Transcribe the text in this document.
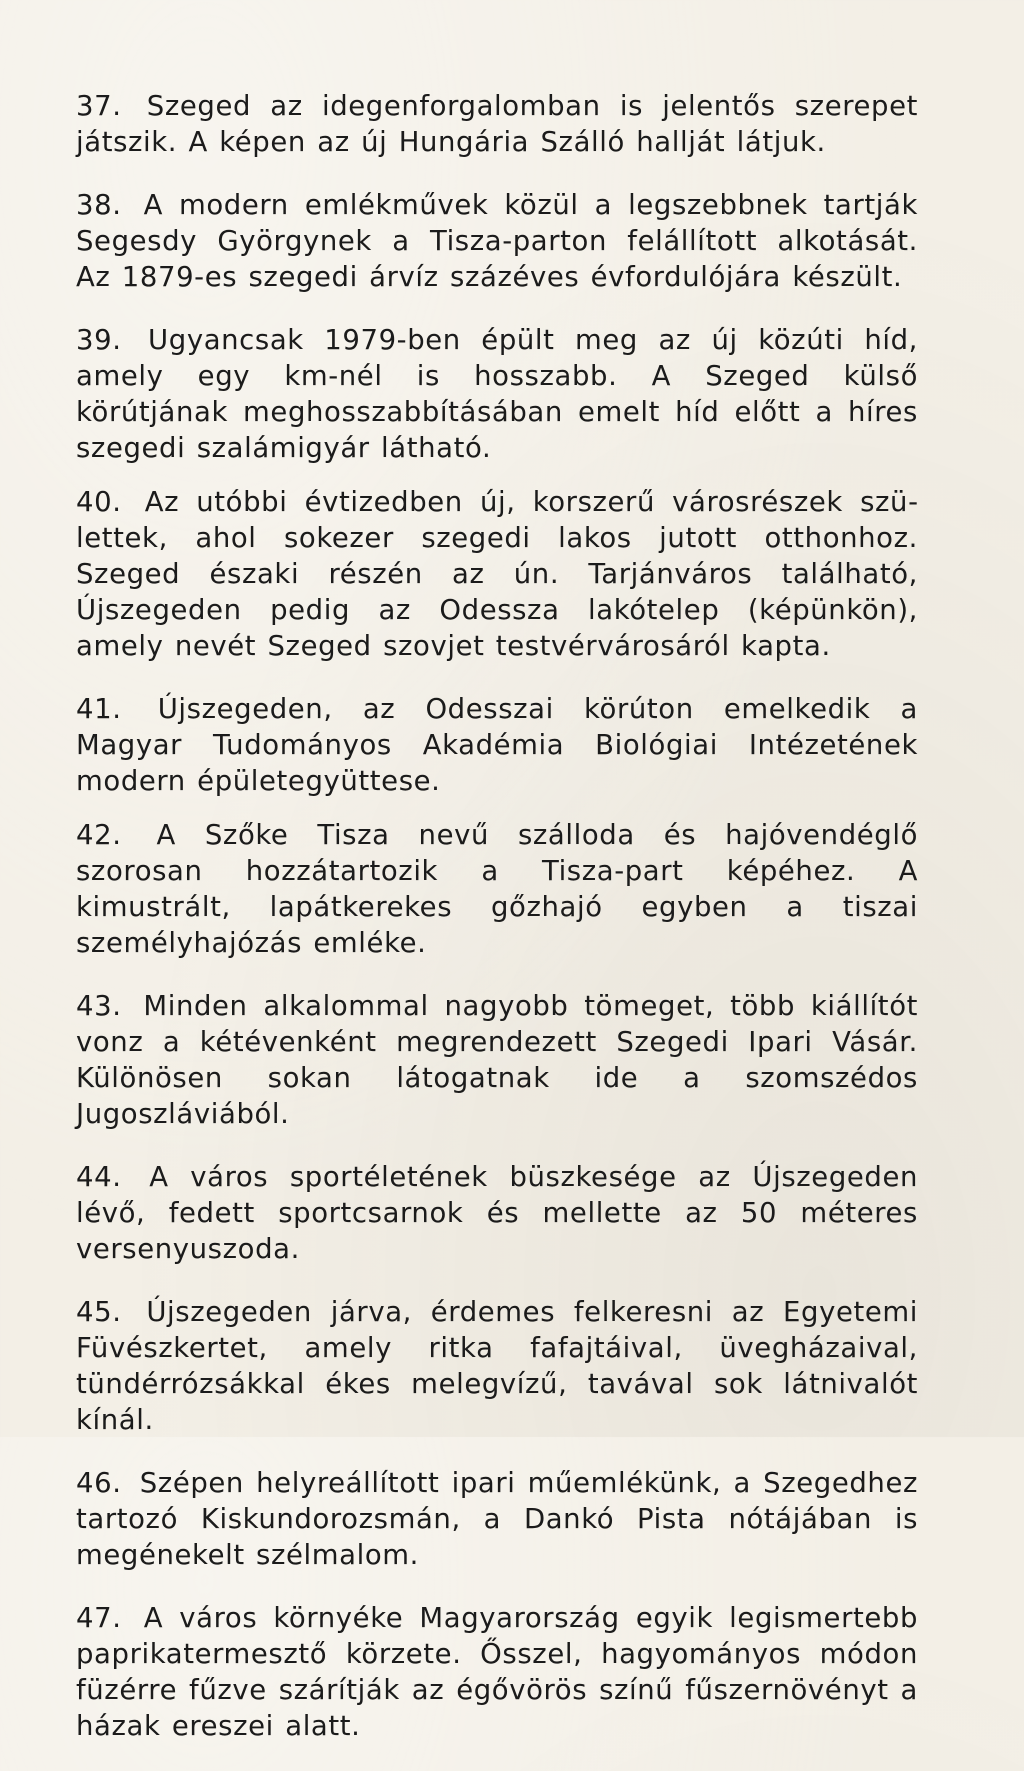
37. Szeged az idegenforgalomban is jelentős szerepet játszik. A képen az új Hungária Szálló hallját látjuk.

38. A modern emlékművek közül a legszebbnek tartják Segesdy Györgynek a Tisza-parton felállított alkotását. Az 1879-es szegedi árvíz százéves évfordulójára készült.

39. Ugyancsak 1979-ben épült meg az új közúti híd, amely egy km-nél is hosszabb. A Szeged külső körútjának meghosszabbításában emelt híd előtt a híres szegedi szalámigyár látható.

40. Az utóbbi évtizedben új, korszerű városrészek születtek, ahol sokezer szegedi lakos jutott otthonhoz. Szeged északi részén az ún. Tarjánváros található, Újszegeden pedig az Odessza lakótelep (képünkön), amely nevét Szeged szovjet testvérvárosáról kapta.

41. Újszegeden, az Odesszai körúton emelkedik a Magyar Tudományos Akadémia Biológiai Intézetének modern épületegyüttese.

42. A Szőke Tisza nevű szálloda és hajóvendéglő szorosan hozzátartozik a Tisza-part képéhez. A kimustrált, lapátkerekes gőzhajó egyben a tiszai személyhajózás emléke.

43. Minden alkalommal nagyobb tömeget, több kiállítót vonz a kétévenként megrendezett Szegedi Ipari Vásár. Különösen sokan látogatnak ide a szomszédos Jugoszláviából.

44. A város sportéletének büszkesége az Újszegeden lévő, fedett sportcsarnok és mellette az 50 méteres versenyuszoda.

45. Újszegeden járva, érdemes felkeresni az Egyetemi Füvészkertet, amely ritka fafajtáival, üvegházaival, tündérrózsákkal ékes melegvízű, tavával sok látnivalót kínál.

46. Szépen helyreállított ipari műemlékünk, a Szegedhez tartozó Kiskundorozsmán, a Dankó Pista nótájában is megénekelt szélmalom.

47. A város környéke Magyarország egyik legismertebb paprikatermesztő körzete. Ősszel, hagyományos módon füzérre fűzve szárítják az égővörös színű fűszernövényt a házak ereszei alatt.
